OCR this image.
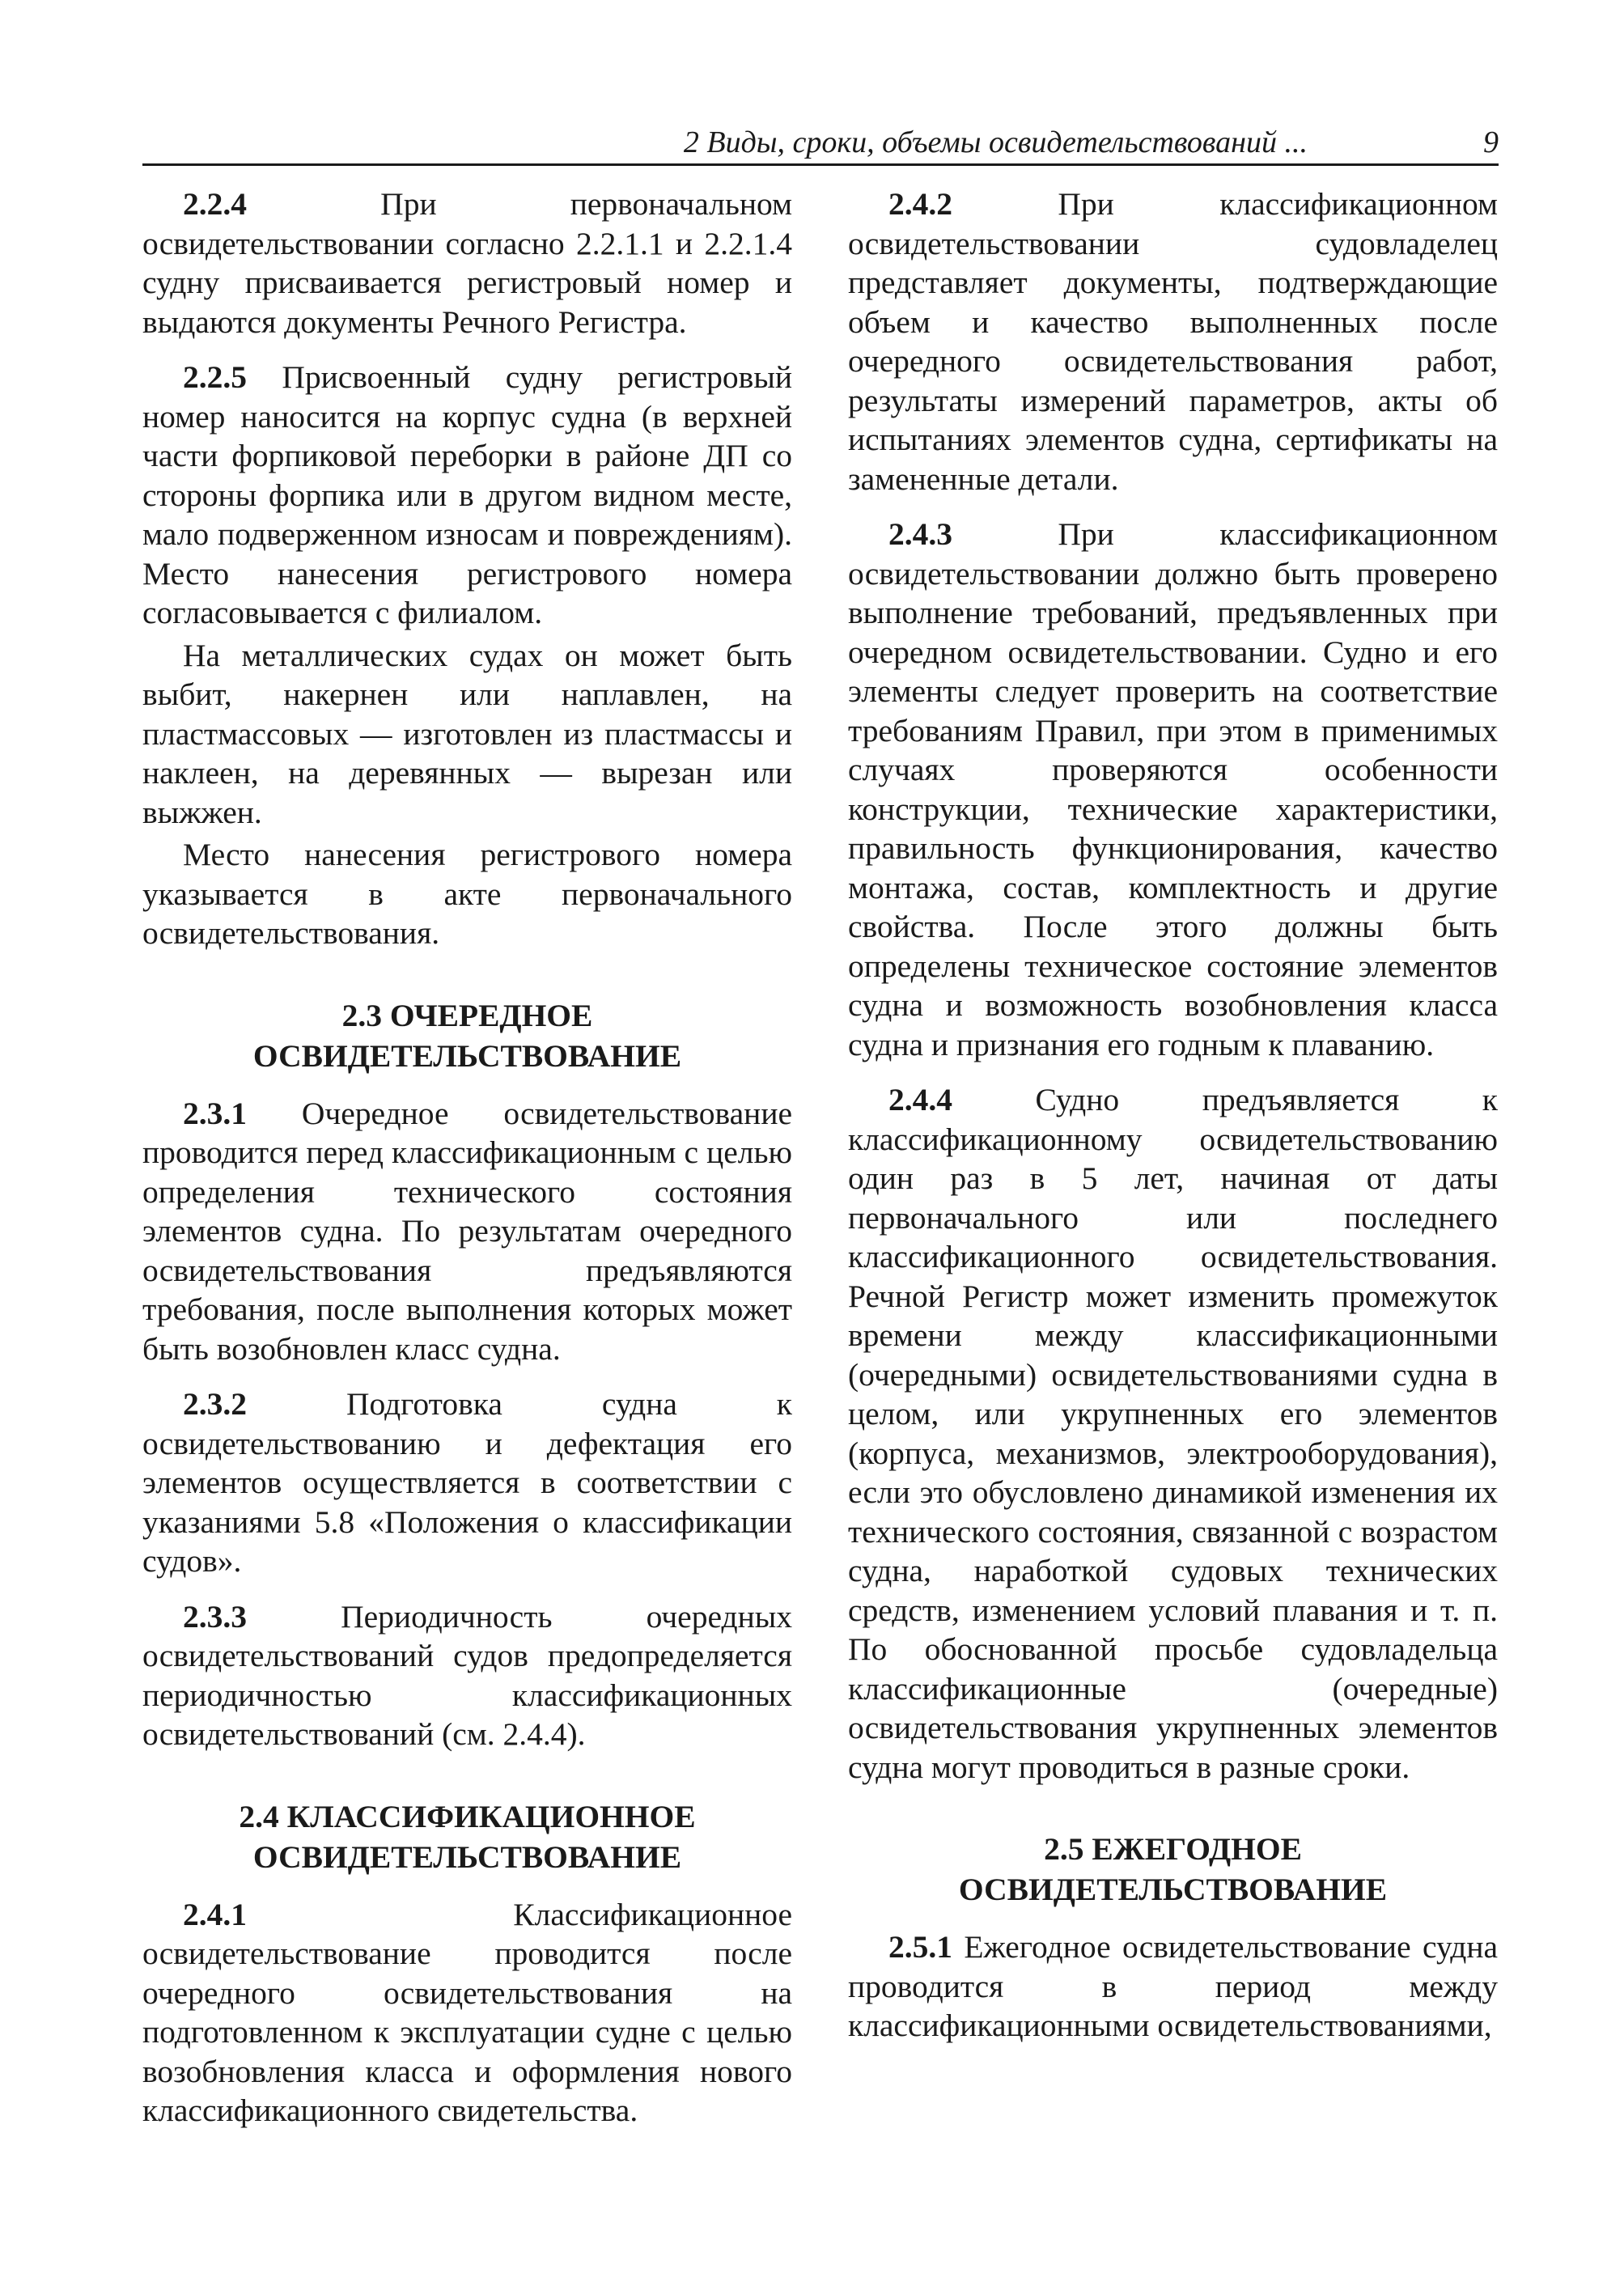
2 Виды, сроки, объемы освидетельствований ...	9

2.2.4	При первоначальном освидетельствовании согласно 2.2.1.1 и 2.2.1.4 судну присваивается регистровый номер и выдаются документы Речного Регистра.

2.2.5 Присвоенный судну регистровый номер наносится на корпус судна (в верхней части форпиковой переборки в районе ДП со стороны форпика или в другом видном месте, мало подверженном износам и повреждениям). Место нанесения регистрового номера согласовывается с филиалом.

На металлических судах он может быть выбит, накернен или наплавлен, на пластмассовых — изготовлен из пластмассы и наклеен, на деревянных — вырезан или выжжен.

Место нанесения регистрового номера указывается в акте первоначального освидетельствования.

2.3 ОЧЕРЕДНОЕ
ОСВИДЕТЕЛЬСТВОВАНИЕ

2.3.1 Очередное освидетельствование проводится перед классификационным с целью определения технического состояния элементов судна. По результатам очередного освидетельствования предъявляются требования, после выполнения которых может быть возобновлен класс судна.

2.3.2	Подготовка судна к освидетельствованию и дефектация его элементов осуществляется в соответствии с указаниями 5.8 «Положения о классификации судов».

2.3.3	Периодичность очередных освидетельствований судов предопределяется периодичностью классификационных освидетельствований (см. 2.4.4).

2.4 КЛАССИФИКАЦИОННОЕ
ОСВИДЕТЕЛЬСТВОВАНИЕ

2.4.1	Классификационное освидетельствование проводится после очередного освидетельствования на подготовленном к эксплуатации судне с целью возобновления класса и оформления нового классификационного свидетельства.

2.4.2	При классификационном освидетельствовании судовладелец представляет документы, подтверждающие объем и качество выполненных после очередного освидетельствования работ, результаты измерений параметров, акты об испытаниях элементов судна, сертификаты на замененные детали.

2.4.3	При классификационном освидетельствовании должно быть проверено выполнение требований, предъявленных при очередном освидетельствовании. Судно и его элементы следует проверить на соответствие требованиям Правил, при этом в применимых случаях проверяются особенности конструкции, технические характеристики, правильность функционирования, качество монтажа, состав, комплектность и другие свойства. После этого должны быть определены техническое состояние элементов судна и возможность возобновления класса судна и признания его годным к плаванию.

2.4.4	Судно предъявляется к классификационному освидетельствованию один раз в 5 лет, начиная от даты первоначального или последнего классификационного освидетельствования. Речной Регистр может изменить промежуток времени между классификационными (очередными) освидетельствованиями судна в целом, или укрупненных его элементов (корпуса, механизмов, электрооборудования), если это обусловлено динамикой изменения их технического состояния, связанной с возрастом судна, наработкой судовых технических средств, изменением условий плавания и т. п. По обоснованной просьбе судовладельца классификационные (очередные) освидетельствования укрупненных элементов судна могут проводиться в разные сроки.

2.5 ЕЖЕГОДНОЕ
ОСВИДЕТЕЛЬСТВОВАНИЕ

2.5.1 Ежегодное освидетельствование судна проводится в период между классификационными освидетельствованиями,
